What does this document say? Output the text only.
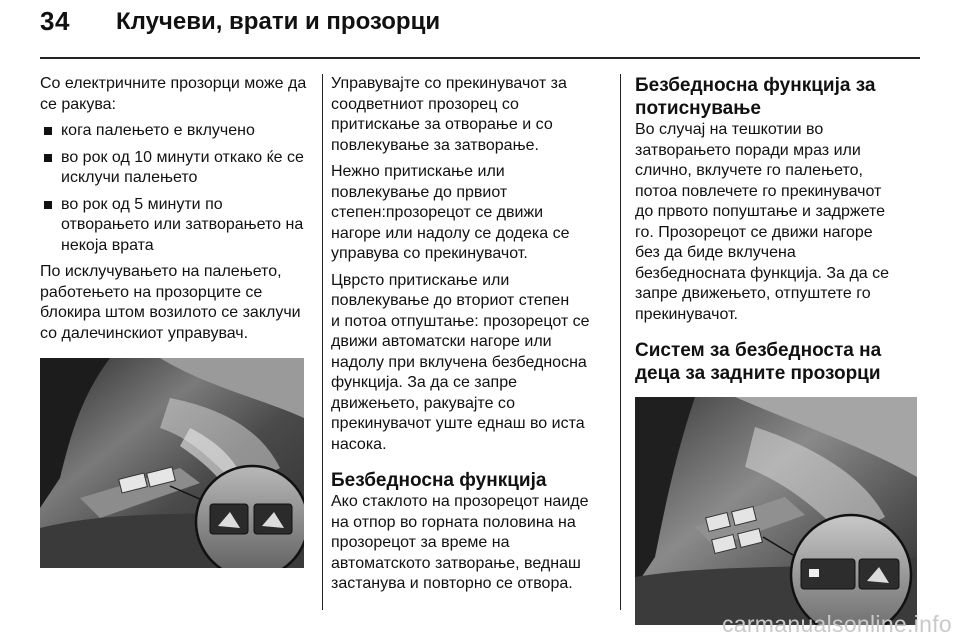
34 Клучеви, врати и прозорци

Со електричните прозорци може да
се ракува:

кога палењето е вклучено
во рок од 10 минути откако ќе се
исклучи палењето
во рок од 5 минути по
отворањето или затворањето на
некоја врата

По исклучувањето на палењето,
работењето на прозорците се
блокира штом возилото се заклучи
со далечинскиот управувач.

Управувајте со прекинувачот за
соодветниот прозорец со
притискање за отворање и со
повлекување за затворање.

Нежно притискање или
повлекување до првиот
степен:прозорецот се движи
нагоре или надолу се додека се
управува со прекинувачот.

Цврсто притискање или
повлекување до вториот степен
и потоа отпуштање: прозорецот се
движи автоматски нагоре или
надолу при вклучена безбедносна
функција. За да се запре
движењето, ракувајте со
прекинувачот уште еднаш во иста
насока.

Безбедносна функција

Ако стаклото на прозорецот наиде
на отпор во горната половина на
прозорецот за време на
автоматското затворање, веднаш
застанува и повторно се отвора.

Безбедносна функција за
потиснување

Во случај на тешкотии во
затворањето поради мраз или
слично, вклучете го палењето,
потоа повлечете го прекинувачот
до првото попуштање и задржете
го. Прозорецот се движи нагоре
без да биде вклучена
безбедносната функција. За да се
запре движењето, отпуштете го
прекинувачот.

Систем за безбедноста на
деца за задните прозорци
carmanualsonline.info
